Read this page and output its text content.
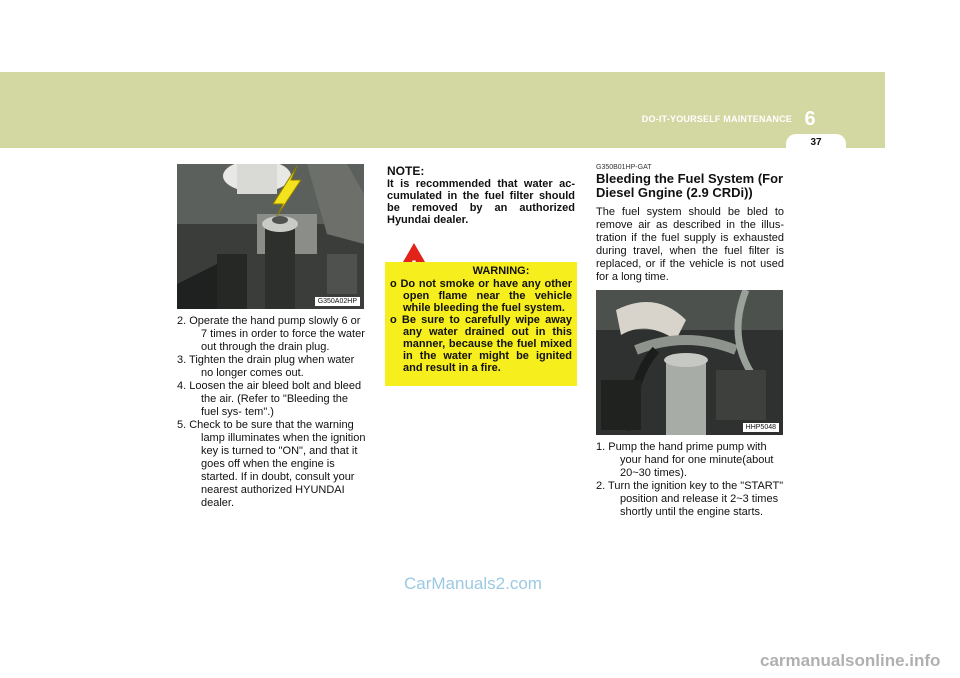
DO-IT-YOURSELF MAINTENANCE 6
37
G350A02HP
2. Operate the hand pump slowly 6 or
7 times in order to force the water out through the drain plug.
3. Tighten the drain plug when water
no longer comes out.
4. Loosen the air bleed bolt and bleed
the air. (Refer to "Bleeding the fuel sys- tem".)
5. Check to be sure that the warning
lamp illuminates when the ignition key is turned to "ON", and that it goes off when the engine is started. If in doubt, consult your nearest authorized HYUNDAI dealer.
NOTE:
It is recommended that water ac- cumulated in the fuel filter should be removed by an authorized Hyundai dealer.
WARNING:
o Do not smoke or have any other open flame near the vehicle while bleeding the fuel system.
o Be sure to carefully wipe away any water drained out in this manner, because the fuel mixed in the water might be ignited and result in a fire.
G350B01HP-GAT
Bleeding the Fuel System (For Diesel Gngine (2.9 CRDi))
The fuel system should be bled to remove air as described in the illus- tration if the fuel supply is exhausted during travel, when the fuel filter is replaced, or if the vehicle is not used for a long time.
HHP5048
1. Pump the hand prime pump with
your hand for one minute(about 20~30 times).
2. Turn the ignition key to the "START"
position and release it 2~3 times shortly until the engine starts.
CarManuals2.com
carmanualsonline.info
